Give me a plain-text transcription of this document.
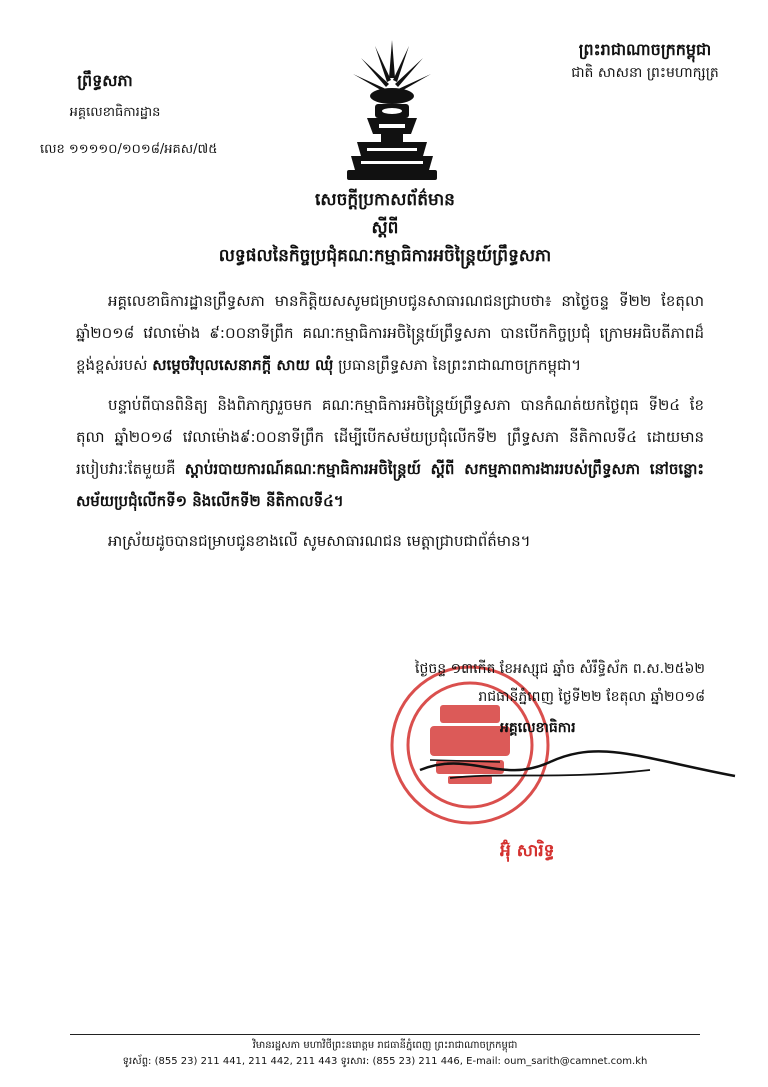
ព្រះរាជាណាចក្រកម្ពុជា
ជាតិ សាសនា ព្រះមហាក្សត្រ
ព្រឹទ្ធសភា
អគ្គលេខាធិការដ្ឋាន
លេខ ១១១១០/១០១៨/អគស/៧៥
សេចក្តីប្រកាសព័ត៌មាន
ស្តីពី
លទ្ធផលនៃកិច្ចប្រជុំគណៈកម្មាធិការអចិន្ត្រៃយ៍ព្រឹទ្ធសភា

អគ្គលេខាធិការដ្ឋានព្រឹទ្ធសភា មានកិត្តិយសសូមជម្រាបជូនសាធារណជនជ្រាបថា៖ នាថ្ងៃចន្ទ ទី២២ ខែតុលា ឆ្នាំ២០១៨ វេលាម៉ោង ៩:០០នាទីព្រឹក គណៈកម្មាធិការអចិន្ត្រៃយ៍ព្រឹទ្ធសភា បានបើកកិច្ចប្រជុំ ក្រោមអធិបតីភាពដ៏ខ្ពង់ខ្ពស់របស់ សម្តេចវិបុលសេនាភក្តី សាយ ឈុំ ប្រធានព្រឹទ្ធសភា នៃព្រះរាជាណាចក្រកម្ពុជា។

បន្ទាប់ពីបានពិនិត្យ និងពិភាក្សារួចមក គណៈកម្មាធិការអចិន្ត្រៃយ៍ព្រឹទ្ធសភា បានកំណត់យកថ្ងៃពុធ ទី២៤ ខែតុលា ឆ្នាំ២០១៨ វេលាម៉ោង៩:០០នាទីព្រឹក ដើម្បីបើកសម័យប្រជុំលើកទី២ ព្រឹទ្ធសភា នីតិកាលទី៤ ដោយមានរបៀបវារៈតែមួយគឺ ស្តាប់របាយការណ៍គណៈកម្មាធិការអចិន្ត្រៃយ៍ ស្តីពី សកម្មភាពការងាររបស់ព្រឹទ្ធសភា នៅចន្លោះសម័យប្រជុំលើកទី១ និងលើកទី២ នីតិកាលទី៤។

អាស្រ័យដូចបានជម្រាបជូនខាងលើ សូមសាធារណជន មេត្តាជ្រាបជាព័ត៌មាន។

ថ្ងៃចន្ទ ១៣កើត ខែអស្សុជ ឆ្នាំច សំរឹទ្ធិស័ក ព.ស.២៥៦២
រាជធានីភ្នំពេញ ថ្ងៃទី២២ ខែតុលា ឆ្នាំ២០១៨
អគ្គលេខាធិការ
អ៊ុំ សារិទ្ធ
វិមានរដ្ឋសភា មហាវិថីព្រះនរោត្តម រាជធានីភ្នំពេញ ព្រះរាជាណាចក្រកម្ពុជា
ទូរស័ព្ទ: (855 23) 211 441, 211 442, 211 443 ទូរសារ: (855 23) 211 446, E-mail: oum_sarith@camnet.com.kh
